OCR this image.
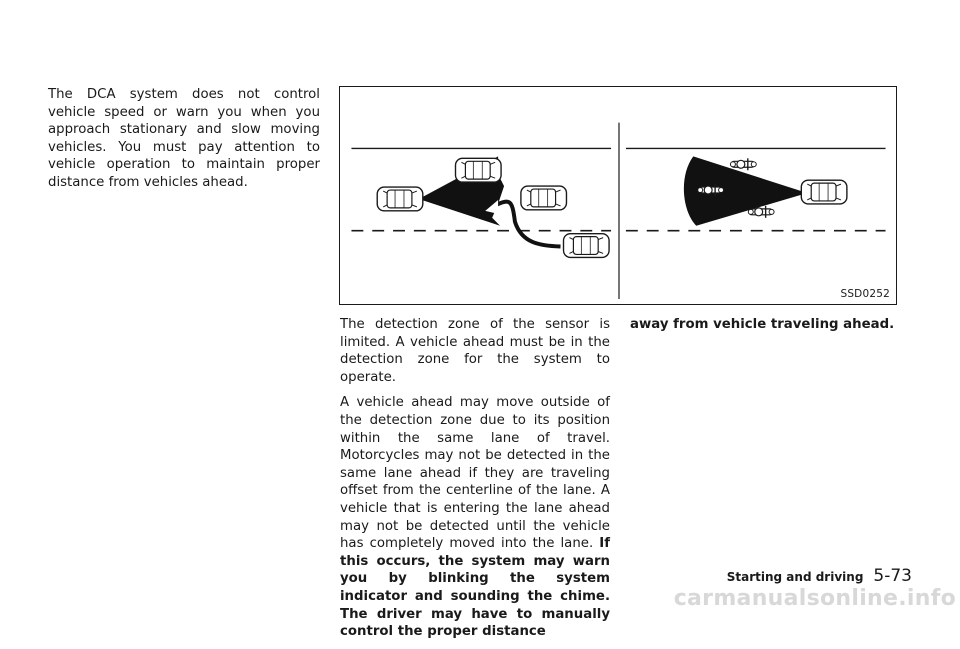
The DCA system does not control vehicle speed or warn you when you approach stationary and slow moving vehicles. You must pay attention to vehicle operation to maintain proper distance from vehicles ahead.

SSD0252

The detection zone of the sensor is limited. A vehicle ahead must be in the detection zone for the system to operate.

A vehicle ahead may move outside of the detection zone due to its position within the same lane of travel. Motorcycles may not be detected in the same lane ahead if they are traveling offset from the centerline of the lane. A vehicle that is entering the lane ahead may not be detected until the vehicle has completely moved into the lane. If this occurs, the system may warn you by blinking the system indicator and sounding the chime. The driver may have to manually control the proper distance

away from vehicle traveling ahead.

Starting and driving 5-73
carmanualsonline.info
